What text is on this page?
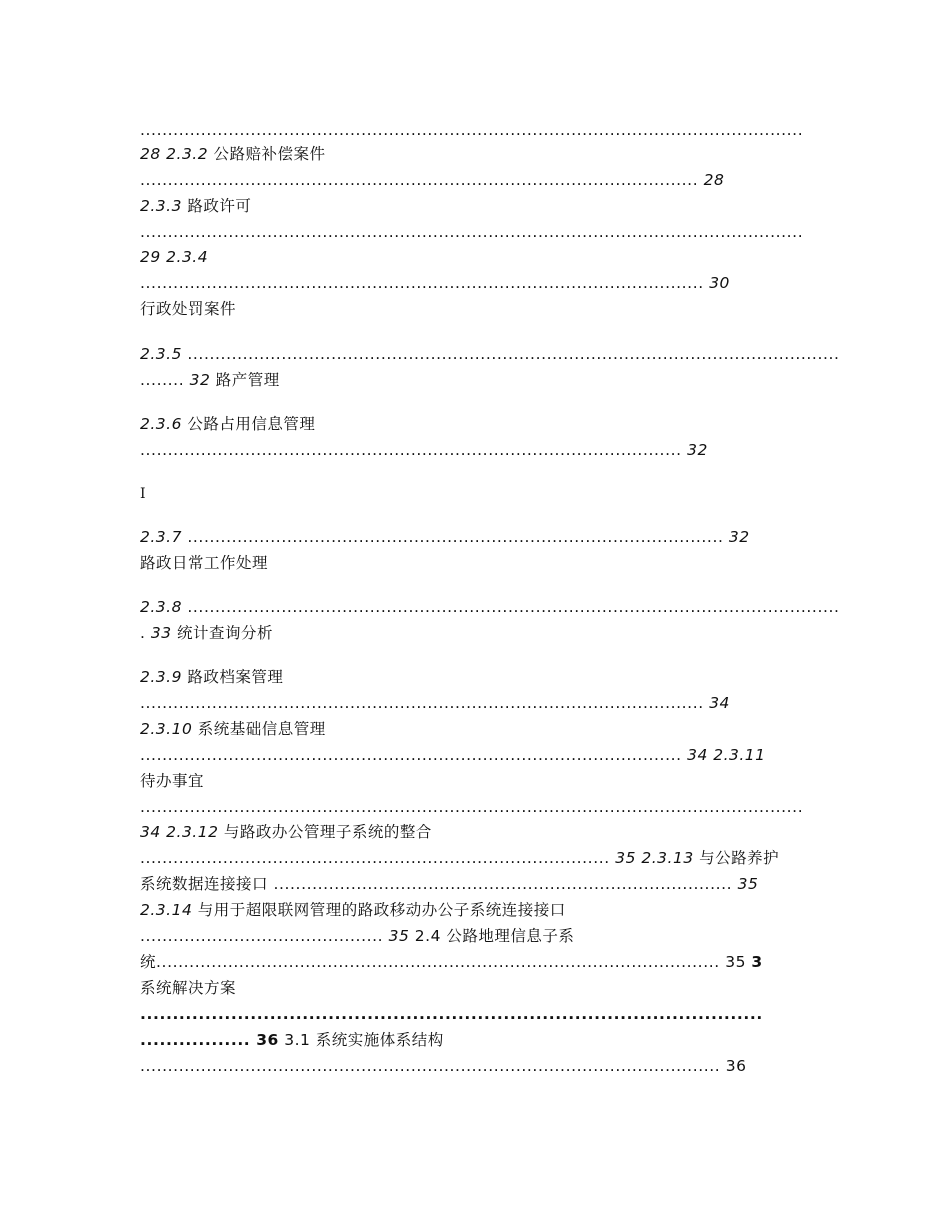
........................................................................................................................

28 2.3.2 公路赔补偿案件

..................................................................................................... 28

2.3.3 路政许可

........................................................................................................................

29 2.3.4

...................................................................................................... 30

行政处罚案件

2.3.5 ......................................................................................................................

........ 32 路产管理

2.3.6 公路占用信息管理

.................................................................................................. 32

I

2.3.7 ................................................................................................. 32

路政日常工作处理

2.3.8 ......................................................................................................................

. 33 统计查询分析

2.3.9 路政档案管理

...................................................................................................... 34

2.3.10 系统基础信息管理

.................................................................................................. 34 2.3.11

待办事宜

........................................................................................................................

34 2.3.12 与路政办公管理子系统的整合

..................................................................................... 35 2.3.13 与公路养护

系统数据连接接口 ................................................................................... 35

2.3.14 与用于超限联网管理的路政移动办公子系统连接接口

............................................ 35 2.4 公路地理信息子系

统...................................................................................................... 35 3

系统解决方案

................................................................................................

................. 36 3.1 系统实施体系结构

......................................................................................................... 36
